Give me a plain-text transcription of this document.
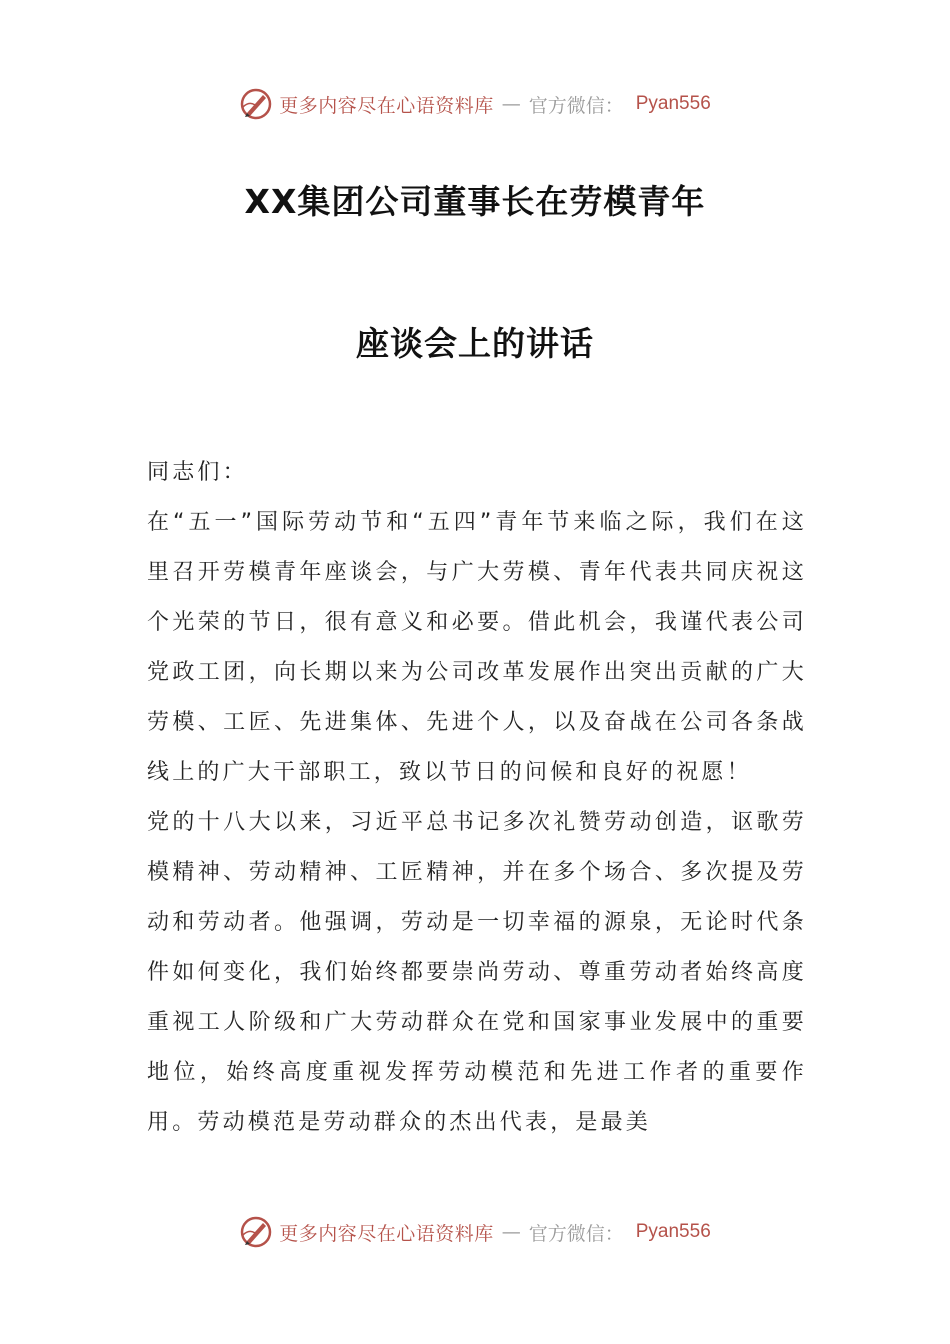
更多内容尽在心语资料库 — 官方微信： Pyan556
XX集团公司董事长在劳模青年
座谈会上的讲话

同志们：

在“五一”国际劳动节和“五四”青年节来临之际，我们在这里召开劳模青年座谈会，与广大劳模、青年代表共同庆祝这个光荣的节日，很有意义和必要。借此机会，我谨代表公司党政工团，向长期以来为公司改革发展作出突出贡献的广大劳模、工匠、先进集体、先进个人，以及奋战在公司各条战线上的广大干部职工，致以节日的问候和良好的祝愿！

党的十八大以来，习近平总书记多次礼赞劳动创造，讴歌劳模精神、劳动精神、工匠精神，并在多个场合、多次提及劳动和劳动者。他强调，劳动是一切幸福的源泉，无论时代条件如何变化，我们始终都要崇尚劳动、尊重劳动者始终高度重视工人阶级和广大劳动群众在党和国家事业发展中的重要地位，始终高度重视发挥劳动模范和先进工作者的重要作用。劳动模范是劳动群众的杰出代表，是最美

更多内容尽在心语资料库 — 官方微信： Pyan556
